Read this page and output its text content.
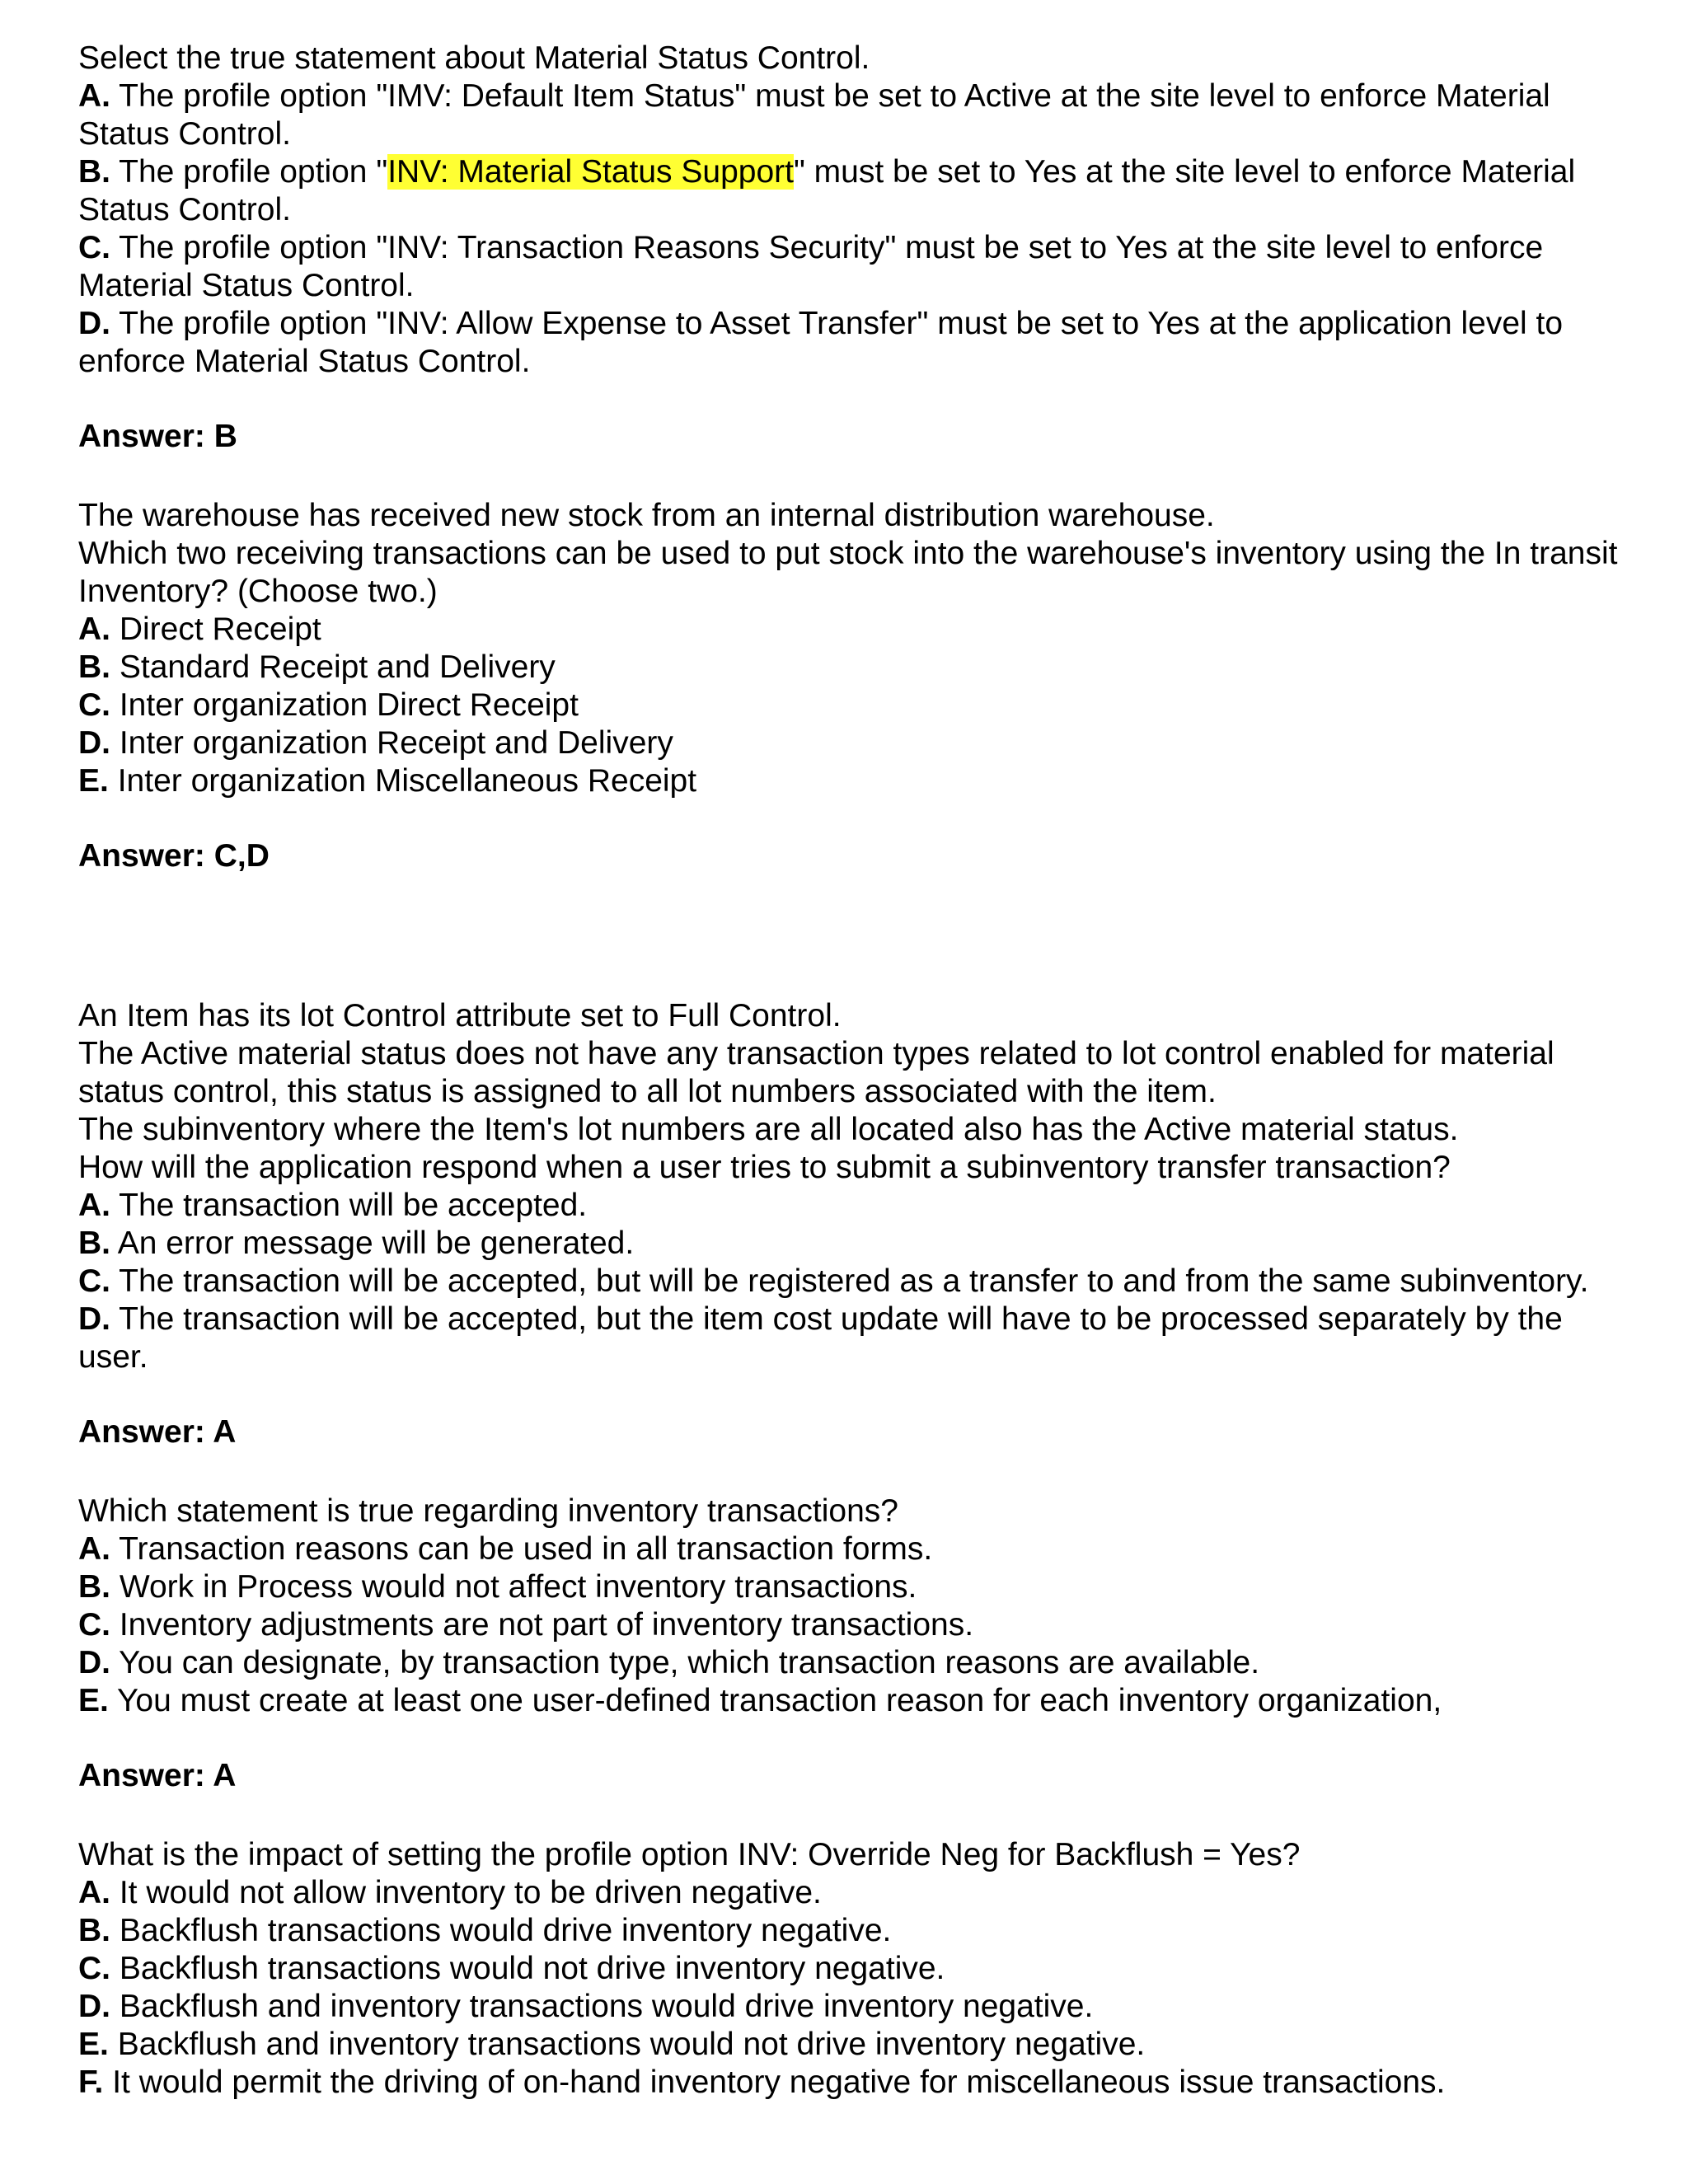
Select the true statement about Material Status Control.

A. The profile option "IMV: Default Item Status" must be set to Active at the site level to enforce Material Status Control.

B. The profile option "INV: Material Status Support" must be set to Yes at the site level to enforce Material Status Control.

C. The profile option "INV: Transaction Reasons Security" must be set to Yes at the site level to enforce Material Status Control.

D. The profile option "INV: Allow Expense to Asset Transfer" must be set to Yes at the application level to enforce Material Status Control.

Answer: B

The warehouse has received new stock from an internal distribution warehouse.

Which two receiving transactions can be used to put stock into the warehouse's inventory using the In transit Inventory? (Choose two.)

A. Direct Receipt

B. Standard Receipt and Delivery

C. Inter organization Direct Receipt

D. Inter organization Receipt and Delivery

E. Inter organization Miscellaneous Receipt

Answer: C,D

An Item has its lot Control attribute set to Full Control.

The Active material status does not have any transaction types related to lot control enabled for material status control, this status is assigned to all lot numbers associated with the item.

The subinventory where the Item's lot numbers are all located also has the Active material status.

How will the application respond when a user tries to submit a subinventory transfer transaction?

A. The transaction will be accepted.

B. An error message will be generated.

C. The transaction will be accepted, but will be registered as a transfer to and from the same subinventory.

D. The transaction will be accepted, but the item cost update will have to be processed separately by the user.

Answer: A

Which statement is true regarding inventory transactions?

A. Transaction reasons can be used in all transaction forms.

B. Work in Process would not affect inventory transactions.

C. Inventory adjustments are not part of inventory transactions.

D. You can designate, by transaction type, which transaction reasons are available.

E. You must create at least one user-defined transaction reason for each inventory organization,

Answer: A

What is the impact of setting the profile option INV: Override Neg for Backflush = Yes?

A. It would not allow inventory to be driven negative.

B. Backflush transactions would drive inventory negative.

C. Backflush transactions would not drive inventory negative.

D. Backflush and inventory transactions would drive inventory negative.

E. Backflush and inventory transactions would not drive inventory negative.

F. It would permit the driving of on-hand inventory negative for miscellaneous issue transactions.
